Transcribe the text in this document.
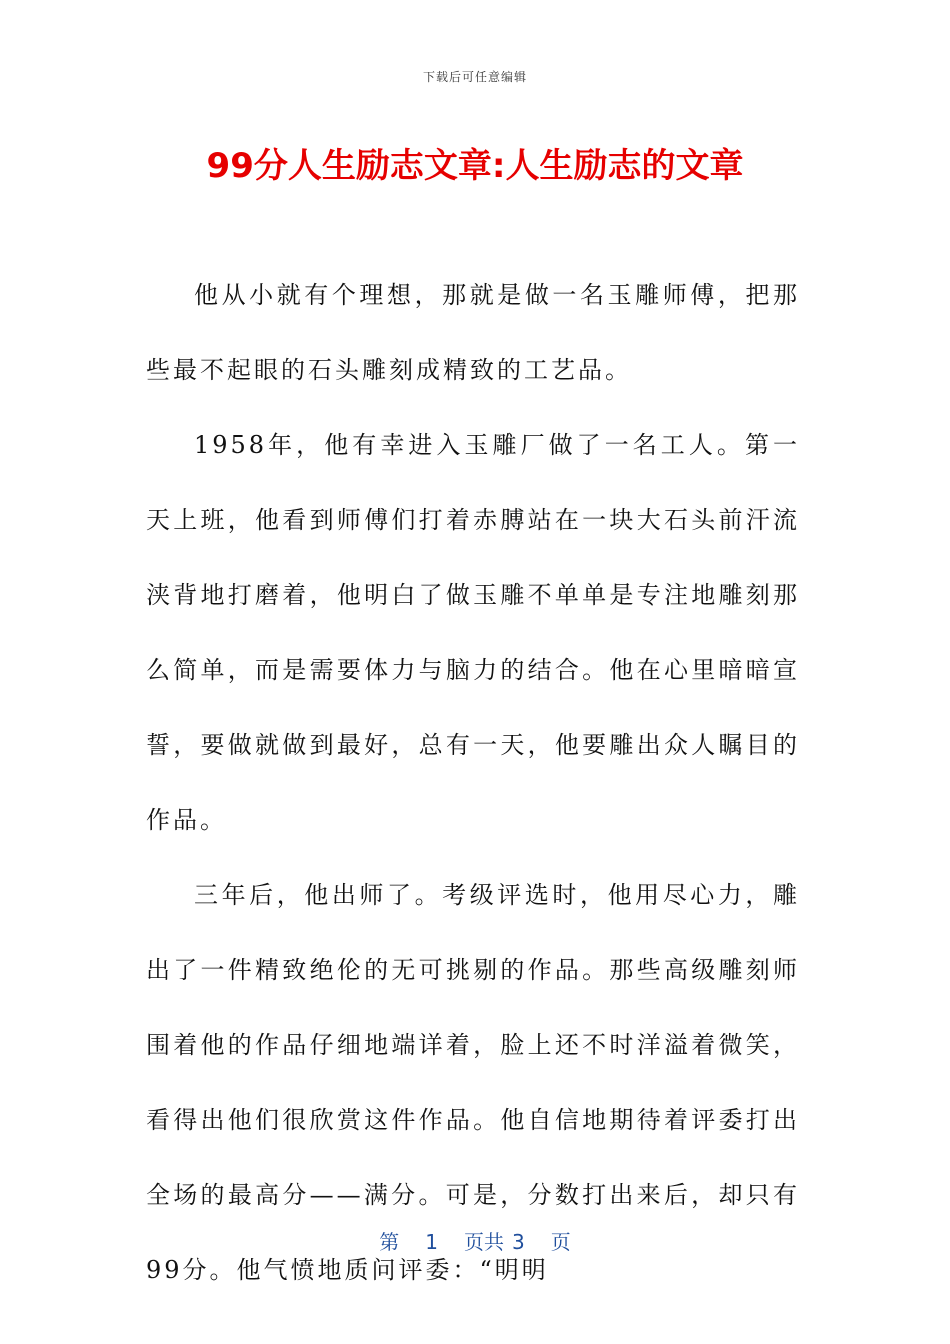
下载后可任意编辑
99分人生励志文章:人生励志的文章

他从小就有个理想，那就是做一名玉雕师傅，把那些最不起眼的石头雕刻成精致的工艺品。

1958年，他有幸进入玉雕厂做了一名工人。第一天上班，他看到师傅们打着赤膊站在一块大石头前汗流浃背地打磨着，他明白了做玉雕不单单是专注地雕刻那么简单，而是需要体力与脑力的结合。他在心里暗暗宣誓，要做就做到最好，总有一天，他要雕出众人瞩目的作品。

三年后，他出师了。考级评选时，他用尽心力，雕出了一件精致绝伦的无可挑剔的作品。那些高级雕刻师围着他的作品仔细地端详着，脸上还不时洋溢着微笑，看得出他们很欣赏这件作品。他自信地期待着评委打出全场的最高分——满分。可是，分数打出来后，却只有99分。他气愤地质问评委：“明明

第 1 页共 3 页
